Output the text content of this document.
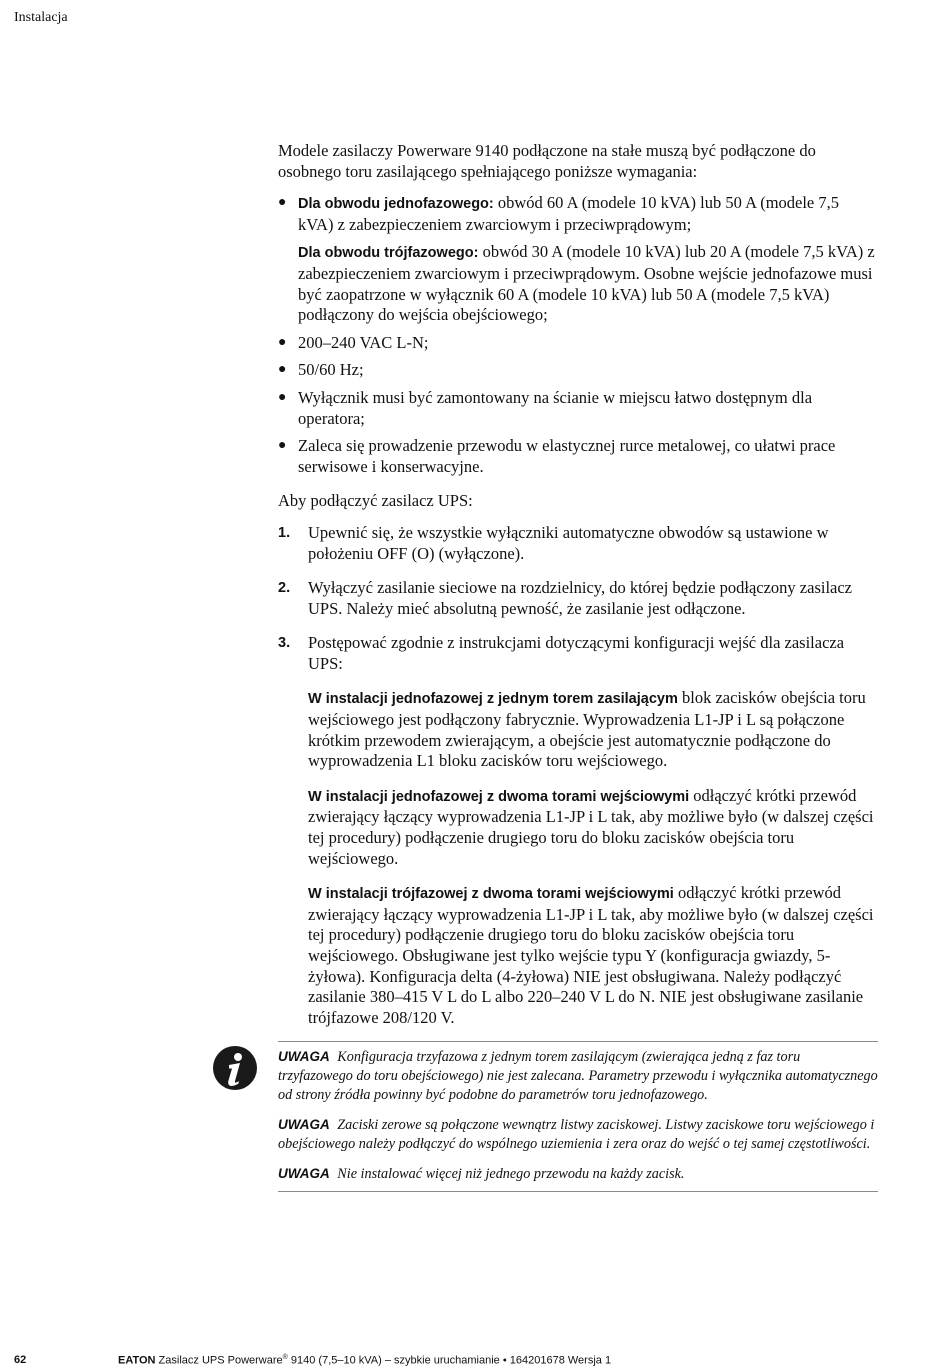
Instalacja

Modele zasilaczy Powerware 9140 podłączone na stałe muszą być podłączone do osobnego toru zasilającego spełniającego poniższe wymagania:

● Dla obwodu jednofazowego: obwód 60 A (modele 10 kVA) lub 50 A (modele 7,5 kVA) z zabezpieczeniem zwarciowym i przeciwprądowym;

Dla obwodu trójfazowego: obwód 30 A (modele 10 kVA) lub 20 A (modele 7,5 kVA) z zabezpieczeniem zwarciowym i przeciwprądowym. Osobne wejście jednofazowe musi być zaopatrzone w wyłącznik 60 A (modele 10 kVA) lub 50 A (modele 7,5 kVA) podłączony do wejścia obejściowego;

● 200–240 VAC L-N;
● 50/60 Hz;
● Wyłącznik musi być zamontowany na ścianie w miejscu łatwo dostępnym dla operatora;
● Zaleca się prowadzenie przewodu w elastycznej rurce metalowej, co ułatwi prace serwisowe i konserwacyjne.

Aby podłączyć zasilacz UPS:

1. Upewnić się, że wszystkie wyłączniki automatyczne obwodów są ustawione w położeniu OFF (O) (wyłączone).
2. Wyłączyć zasilanie sieciowe na rozdzielnicy, do której będzie podłączony zasilacz UPS. Należy mieć absolutną pewność, że zasilanie jest odłączone.
3. Postępować zgodnie z instrukcjami dotyczącymi konfiguracji wejść dla zasilacza UPS:

W instalacji jednofazowej z jednym torem zasilającym blok zacisków obejścia toru wejściowego jest podłączony fabrycznie. Wyprowadzenia L1-JP i L są połączone krótkim przewodem zwierającym, a obejście jest automatycznie podłączone do wyprowadzenia L1 bloku zacisków toru wejściowego.

W instalacji jednofazowej z dwoma torami wejściowymi odłączyć krótki przewód zwierający łączący wyprowadzenia L1-JP i L tak, aby możliwe było (w dalszej części tej procedury) podłączenie drugiego toru do bloku zacisków obejścia toru wejściowego.

W instalacji trójfazowej z dwoma torami wejściowymi odłączyć krótki przewód zwierający łączący wyprowadzenia L1-JP i L tak, aby możliwe było (w dalszej części tej procedury) podłączenie drugiego toru do bloku zacisków obejścia toru wejściowego. Obsługiwane jest tylko wejście typu Y (konfiguracja gwiazdy, 5-żyłowa). Konfiguracja delta (4-żyłowa) NIE jest obsługiwana. Należy podłączyć zasilanie 380–415 V L do L albo 220–240 V L do N. NIE jest obsługiwane zasilanie trójfazowe 208/120 V.

UWAGA Konfiguracja trzyfazowa z jednym torem zasilającym (zwierająca jedną z faz toru trzyfazowego do toru obejściowego) nie jest zalecana. Parametry przewodu i wyłącznika automatycznego od strony źródła powinny być podobne do parametrów toru jednofazowego.

UWAGA Zaciski zerowe są połączone wewnątrz listwy zaciskowej. Listwy zaciskowe toru wejściowego i obejściowego należy podłączyć do wspólnego uziemienia i zera oraz do wejść o tej samej częstotliwości.

UWAGA Nie instalować więcej niż jednego przewodu na każdy zacisk.

62	EATON Zasilacz UPS Powerware® 9140 (7,5–10 kVA) – szybkie uruchamianie • 164201678 Wersja 1
